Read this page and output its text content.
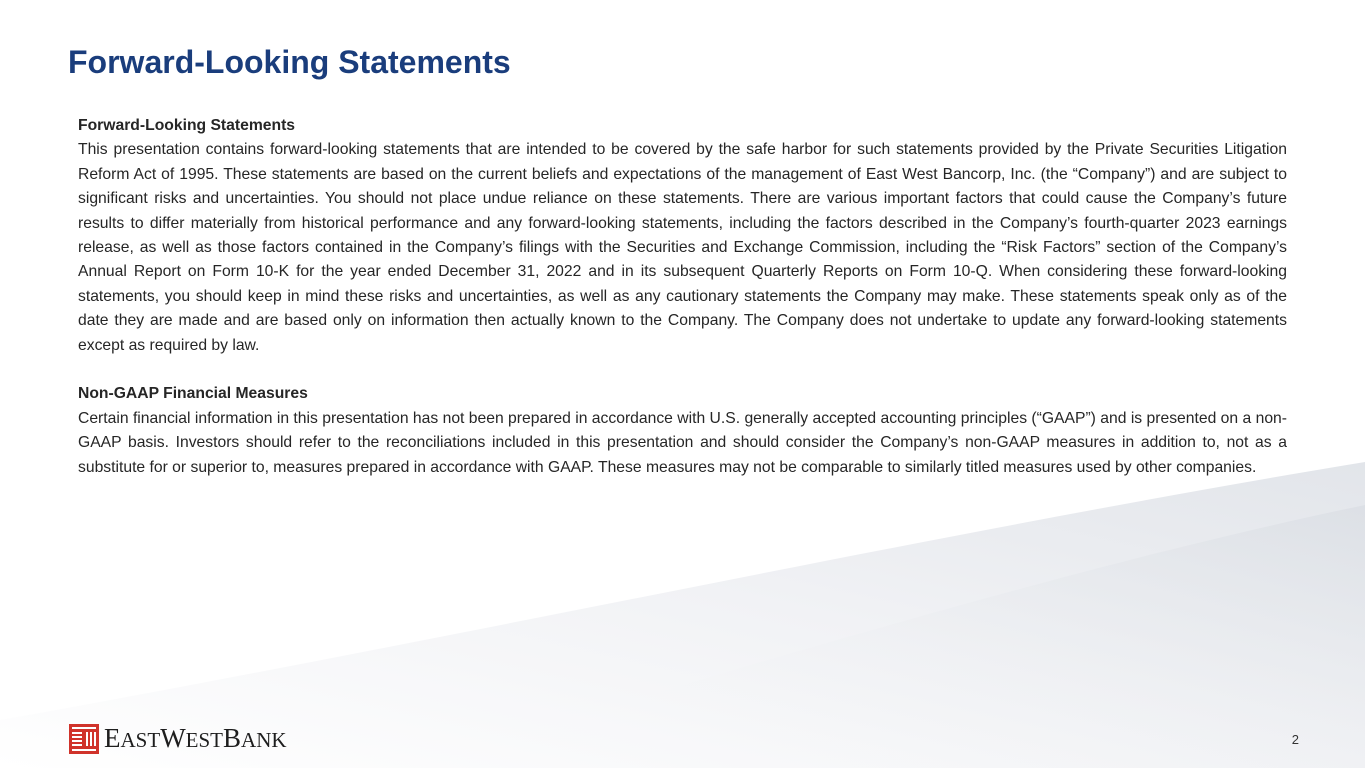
Forward-Looking Statements
Forward-Looking Statements
This presentation contains forward-looking statements that are intended to be covered by the safe harbor for such statements provided by the Private Securities Litigation Reform Act of 1995. These statements are based on the current beliefs and expectations of the management of East West Bancorp, Inc. (the “Company”) and are subject to significant risks and uncertainties. You should not place undue reliance on these statements. There are various important factors that could cause the Company’s future results to differ materially from historical performance and any forward-looking statements, including the factors described in the Company’s fourth-quarter 2023 earnings release, as well as those factors contained in the Company’s filings with the Securities and Exchange Commission, including the “Risk Factors” section of the Company’s Annual Report on Form 10-K for the year ended December 31, 2022 and in its subsequent Quarterly Reports on Form 10-Q. When considering these forward-looking statements, you should keep in mind these risks and uncertainties, as well as any cautionary statements the Company may make. These statements speak only as of the date they are made and are based only on information then actually known to the Company. The Company does not undertake to update any forward-looking statements except as required by law.
Non-GAAP Financial Measures
Certain financial information in this presentation has not been prepared in accordance with U.S. generally accepted accounting principles (“GAAP”) and is presented on a non-GAAP basis. Investors should refer to the reconciliations included in this presentation and should consider the Company’s non-GAAP measures in addition to, not as a substitute for or superior to, measures prepared in accordance with GAAP. These measures may not be comparable to similarly titled measures used by other companies.
EASTWESTBANK	2
